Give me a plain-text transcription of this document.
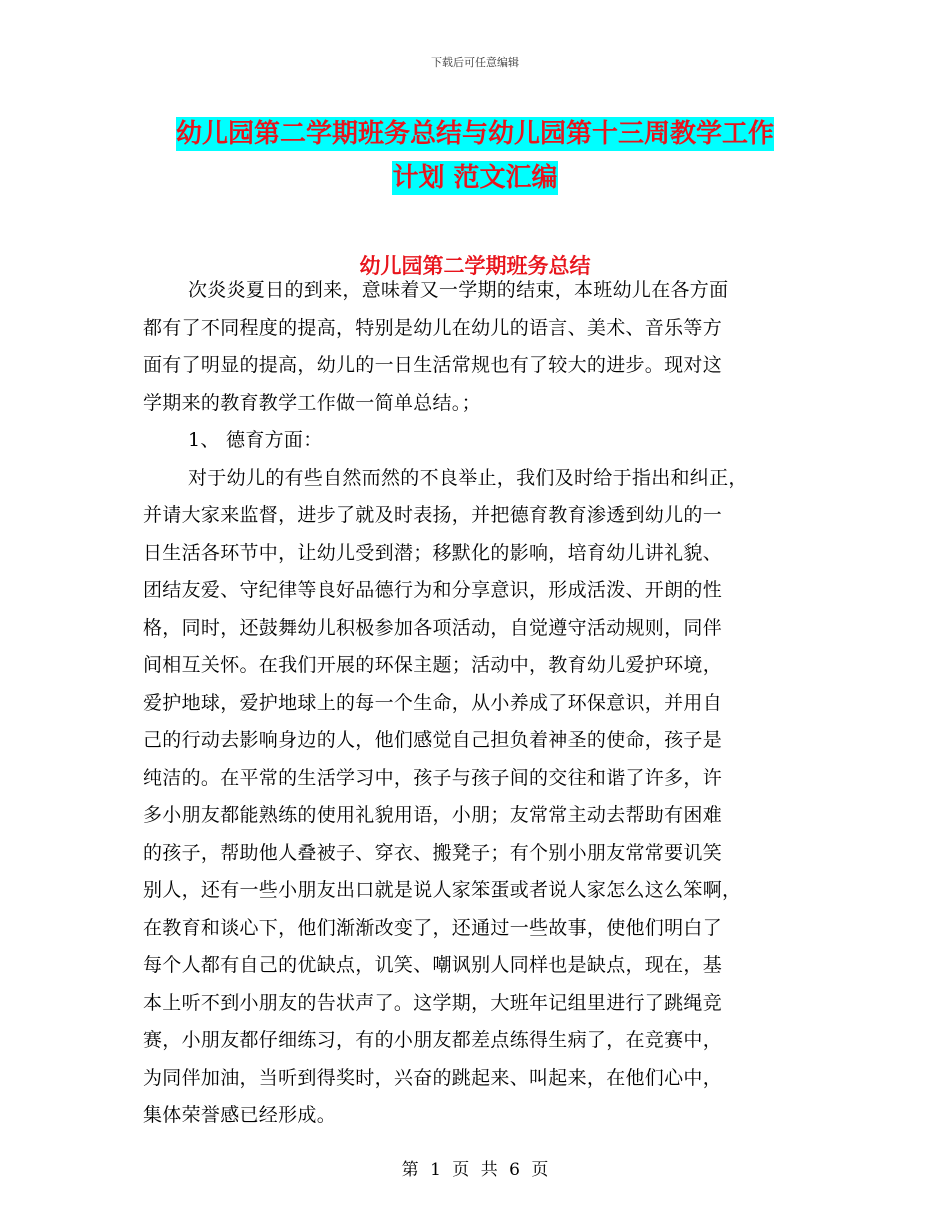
下载后可任意编辑
幼儿园第二学期班务总结与幼儿园第十三周教学工作
计划 范文汇编
幼儿园第二学期班务总结
次炎炎夏日的到来，意味着又一学期的结束，本班幼儿在各方面
都有了不同程度的提高，特别是幼儿在幼儿的语言、美术、音乐等方
面有了明显的提高，幼儿的一日生活常规也有了较大的进步。现对这
学期来的教育教学工作做一简单总结。；
1、 德育方面：
对于幼儿的有些自然而然的不良举止，我们及时给于指出和纠正，
并请大家来监督，进步了就及时表扬，并把德育教育渗透到幼儿的一
日生活各环节中，让幼儿受到潜；移默化的影响，培育幼儿讲礼貌、
团结友爱、守纪律等良好品德行为和分享意识，形成活泼、开朗的性
格，同时，还鼓舞幼儿积极参加各项活动，自觉遵守活动规则，同伴
间相互关怀。在我们开展的环保主题；活动中，教育幼儿爱护环境，
爱护地球，爱护地球上的每一个生命，从小养成了环保意识，并用自
己的行动去影响身边的人，他们感觉自己担负着神圣的使命，孩子是
纯洁的。在平常的生活学习中，孩子与孩子间的交往和谐了许多，许
多小朋友都能熟练的使用礼貌用语，小朋；友常常主动去帮助有困难
的孩子，帮助他人叠被子、穿衣、搬凳子；有个别小朋友常常要讥笑
别人，还有一些小朋友出口就是说人家笨蛋或者说人家怎么这么笨啊，
在教育和谈心下，他们渐渐改变了，还通过一些故事，使他们明白了
每个人都有自己的优缺点，讥笑、嘲讽别人同样也是缺点，现在，基
本上听不到小朋友的告状声了。这学期，大班年记组里进行了跳绳竞
赛，小朋友都仔细练习，有的小朋友都差点练得生病了，在竞赛中，
为同伴加油，当听到得奖时，兴奋的跳起来、叫起来，在他们心中，
集体荣誉感已经形成。
第 1 页 共 6 页
